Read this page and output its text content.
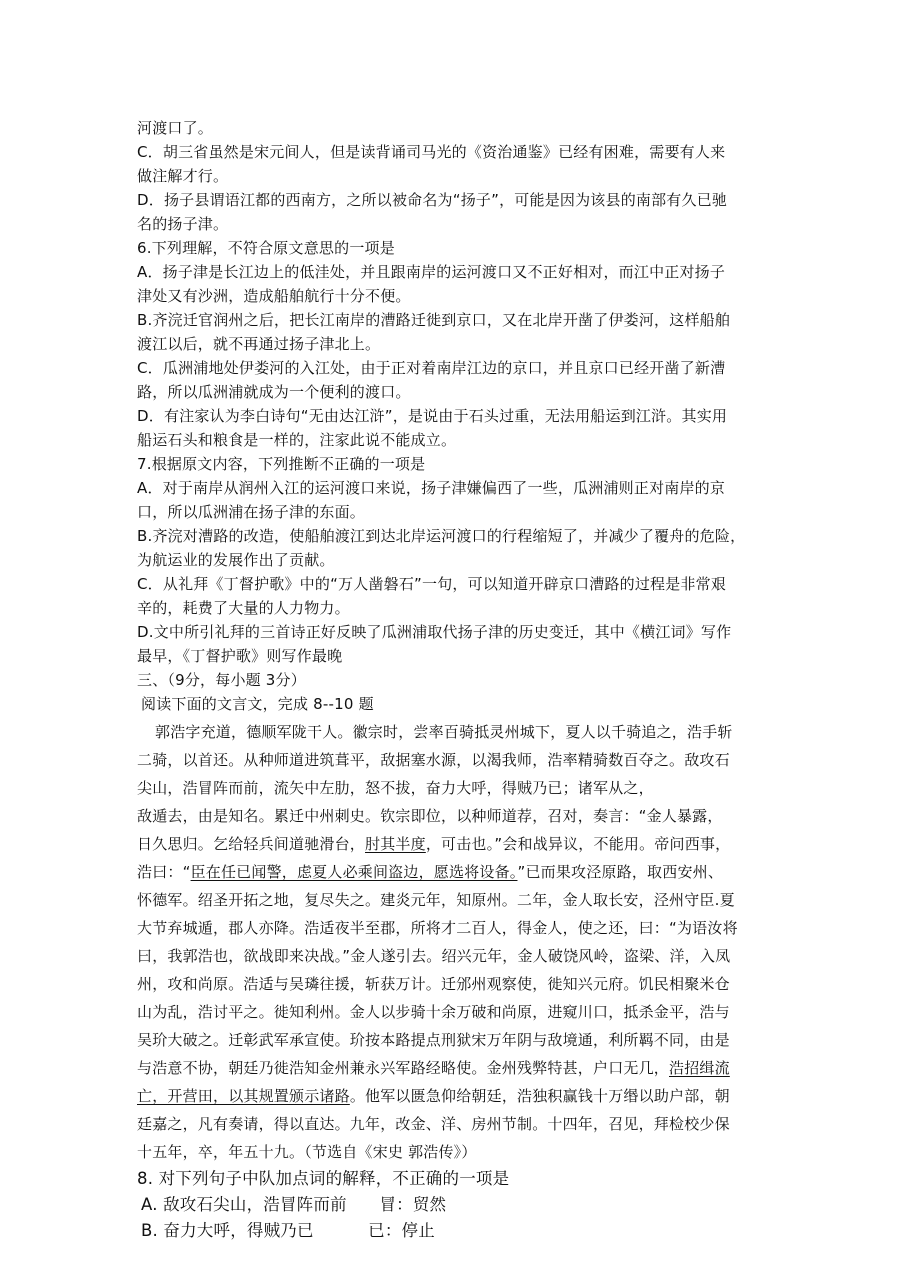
河渡口了。
C．胡三省虽然是宋元间人，但是读背诵司马光的《资治通鉴》已经有困难，需要有人来
做注解才行。
D．扬子县谓语江都的西南方，之所以被命名为“扬子”，可能是因为该县的南部有久已驰
名的扬子津。
6.下列理解，不符合原文意思的一项是
A．扬子津是长江边上的低洼处，并且跟南岸的运河渡口又不正好相对，而江中正对扬子
津处又有沙洲，造成船舶航行十分不便。
B.齐浣迁官润州之后，把长江南岸的漕路迁徙到京口，又在北岸开凿了伊娄河，这样船舶
渡江以后，就不再通过扬子津北上。
C．瓜洲浦地处伊娄河的入江处，由于正对着南岸江边的京口，并且京口已经开凿了新漕
路，所以瓜洲浦就成为一个便利的渡口。
D．有注家认为李白诗句“无由达江浒”，是说由于石头过重，无法用船运到江浒。其实用
船运石头和粮食是一样的，注家此说不能成立。
7.根据原文内容，下列推断不正确的一项是
A．对于南岸从润州入江的运河渡口来说，扬子津嫌偏西了一些，瓜洲浦则正对南岸的京
口，所以瓜洲浦在扬子津的东面。
B.齐浣对漕路的改造，使船舶渡江到达北岸运河渡口的行程缩短了，并减少了覆舟的危险，
为航运业的发展作出了贡献。
C．从礼拜《丁督护歌》中的“万人凿磐石”一句，可以知道开辟京口漕路的过程是非常艰
辛的，耗费了大量的人力物力。
D.文中所引礼拜的三首诗正好反映了瓜洲浦取代扬子津的历史变迁，其中《横江词》写作
最早，《丁督护歌》则写作最晚
三、（9分，每小题 3分）
阅读下面的文言文，完成 8--10 题
郭浩字充道，德顺军陇干人。徽宗时，尝率百骑抵灵州城下，夏人以千骑追之，浩手斩
二骑，以首还。从种师道进筑葺平，敌据塞水源，以渴我师，浩率精骑数百夺之。敌攻石
尖山，浩冒阵而前，流矢中左肋，怒不拔，奋力大呼，得贼乃已；诸军从之，
敌遁去，由是知名。累迁中州刺史。钦宗即位，以种师道荐，召对，奏言：“金人暴露，
日久思归。乞给轻兵间道驰滑台，肘其半度，可击也。”会和战异议，不能用。帝问西事，
浩曰：“臣在任已闻警，虑夏人必乘间盗边，愿选将设备。”已而果攻泾原路，取西安州、
怀德军。绍圣开拓之地，复尽失之。建炎元年，知原州。二年，金人取长安，泾州守臣.夏
大节弃城遁，郡人亦降。浩适夜半至郡，所将才二百人，得金人，使之还，曰：“为语汝将
曰，我郭浩也，欲战即来决战。”金人遂引去。绍兴元年，金人破饶风岭，盗梁、洋，入凤
州，攻和尚原。浩适与吴璘往援，斩获万计。迁邠州观察使，徙知兴元府。饥民相聚米仓
山为乱，浩讨平之。徙知利州。金人以步骑十余万破和尚原，进窥川口，抵杀金平，浩与
吴玠大破之。迁彰武军承宣使。玠按本路提点刑狱宋万年阴与敌境通，利所羁不同，由是
与浩意不协，朝廷乃徙浩知金州兼永兴军路经略使。金州残弊特甚，户口无几，浩招缉流
亡，开营田，以其规置颁示诸路。他军以匮急仰给朝廷，浩独积赢钱十万缗以助户部，朝
廷嘉之，凡有奏请，得以直达。九年，改金、洋、房州节制。十四年，召见，拜检校少保
十五年，卒，年五十九。（节选自《宋史 郭浩传》）
8. 对下列句子中队加点词的解释，不正确的一项是
A. 敌攻石尖山，浩冒阵而前      冒：贸然
B. 奋力大呼，得贼乃已          已：停止
